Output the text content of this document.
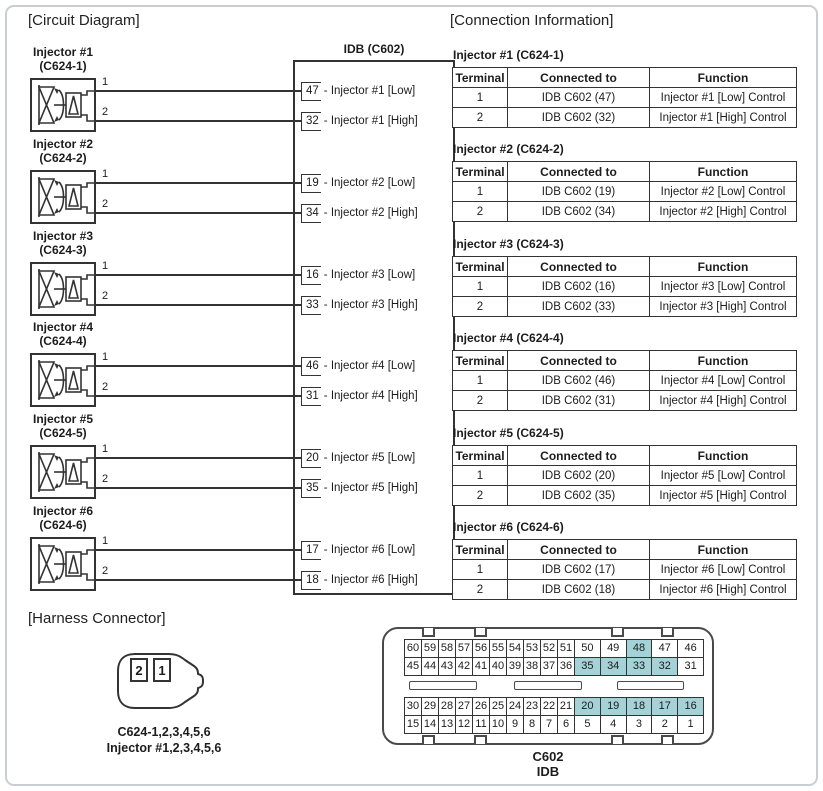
[Circuit Diagram]	[Connection Information]
IDB (C602)
Injector #1
(C624-1)
1
2
47 - Injector #1 [Low]
32 - Injector #1 [High]
Injector #2
(C624-2)
1
2
19 - Injector #2 [Low]
34 - Injector #2 [High]
Injector #3
(C624-3)
1
2
16 - Injector #3 [Low]
33 - Injector #3 [High]
Injector #4
(C624-4)
1
2
46 - Injector #4 [Low]
31 - Injector #4 [High]
Injector #5
(C624-5)
1
2
20 - Injector #5 [Low]
35 - Injector #5 [High]
Injector #6
(C624-6)
1
2
17 - Injector #6 [Low]
18 - Injector #6 [High]
Injector #1 (C624-1)
Terminal	Connected to	Function
1	IDB C602 (47)	Injector #1 [Low] Control
2	IDB C602 (32)	Injector #1 [High] Control
Injector #2 (C624-2)
Terminal	Connected to	Function
1	IDB C602 (19)	Injector #2 [Low] Control
2	IDB C602 (34)	Injector #2 [High] Control
Injector #3 (C624-3)
Terminal	Connected to	Function
1	IDB C602 (16)	Injector #3 [Low] Control
2	IDB C602 (33)	Injector #3 [High] Control
Injector #4 (C624-4)
Terminal	Connected to	Function
1	IDB C602 (46)	Injector #4 [Low] Control
2	IDB C602 (31)	Injector #4 [High] Control
Injector #5 (C624-5)
Terminal	Connected to	Function
1	IDB C602 (20)	Injector #5 [Low] Control
2	IDB C602 (35)	Injector #5 [High] Control
Injector #6 (C624-6)
Terminal	Connected to	Function
1	IDB C602 (17)	Injector #6 [Low] Control
2	IDB C602 (18)	Injector #6 [High] Control
[Harness Connector]
2 1
C624-1,2,3,4,5,6
Injector #1,2,3,4,5,6
60 59 58 57 56 55 54 53 52 51 50	49	48	47	46
45 44 43 42 41 40 39 38 37 36 35	34	33	32	31
30 29 28 27 26 25 24 23 22 21 20	19	18	17	16
15 14 13 12 11 10 9 8 7 6	5	4	3	2	1
C602
IDB
